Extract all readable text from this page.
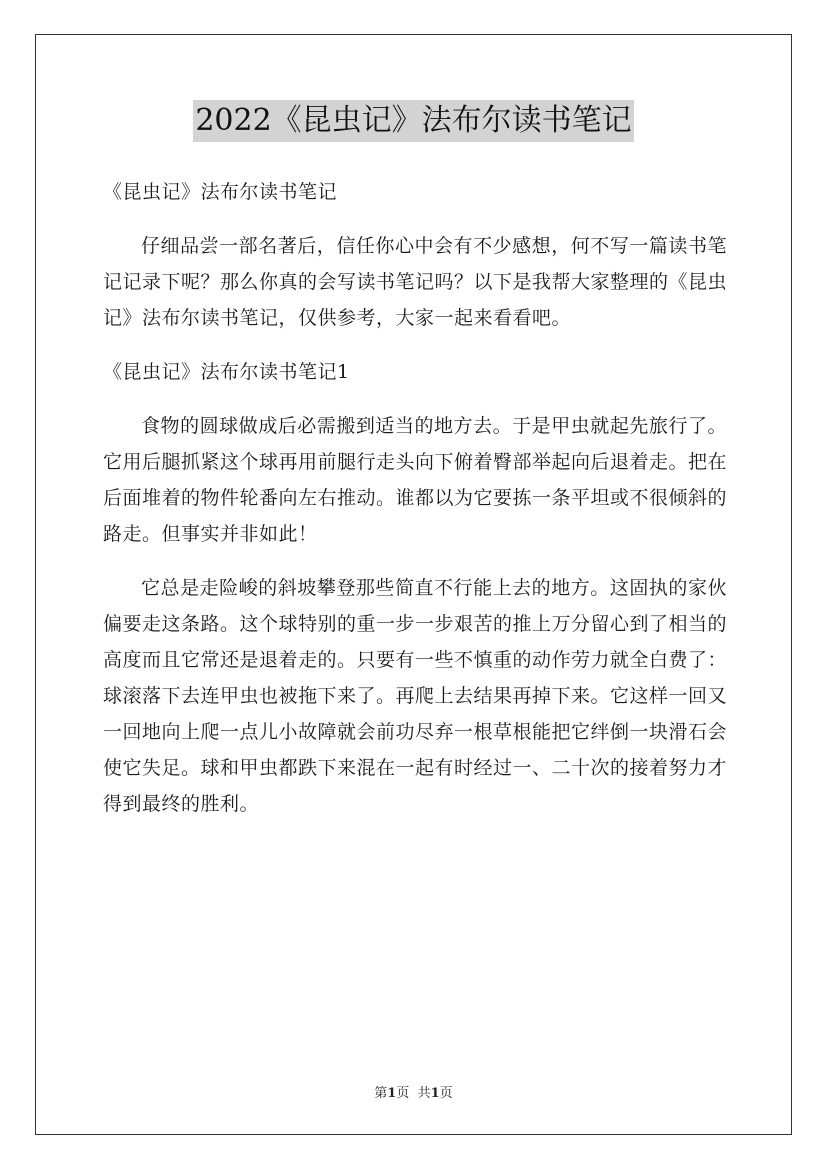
2022《昆虫记》法布尔读书笔记

《昆虫记》法布尔读书笔记

仔细品尝一部名著后，信任你心中会有不少感想，何不写一篇读书笔记记录下呢？那么你真的会写读书笔记吗？以下是我帮大家整理的《昆虫记》法布尔读书笔记，仅供参考，大家一起来看看吧。

《昆虫记》法布尔读书笔记1

食物的圆球做成后必需搬到适当的地方去。于是甲虫就起先旅行了。它用后腿抓紧这个球再用前腿行走头向下俯着臀部举起向后退着走。把在后面堆着的物件轮番向左右推动。谁都以为它要拣一条平坦或不很倾斜的路走。但事实并非如此！

它总是走险峻的斜坡攀登那些简直不行能上去的地方。这固执的家伙偏要走这条路。这个球特别的重一步一步艰苦的推上万分留心到了相当的高度而且它常还是退着走的。只要有一些不慎重的动作劳力就全白费了：球滚落下去连甲虫也被拖下来了。再爬上去结果再掉下来。它这样一回又一回地向上爬一点儿小故障就会前功尽弃一根草根能把它绊倒一块滑石会使它失足。球和甲虫都跌下来混在一起有时经过一、二十次的接着努力才得到最终的胜利。

第1页 共1页
